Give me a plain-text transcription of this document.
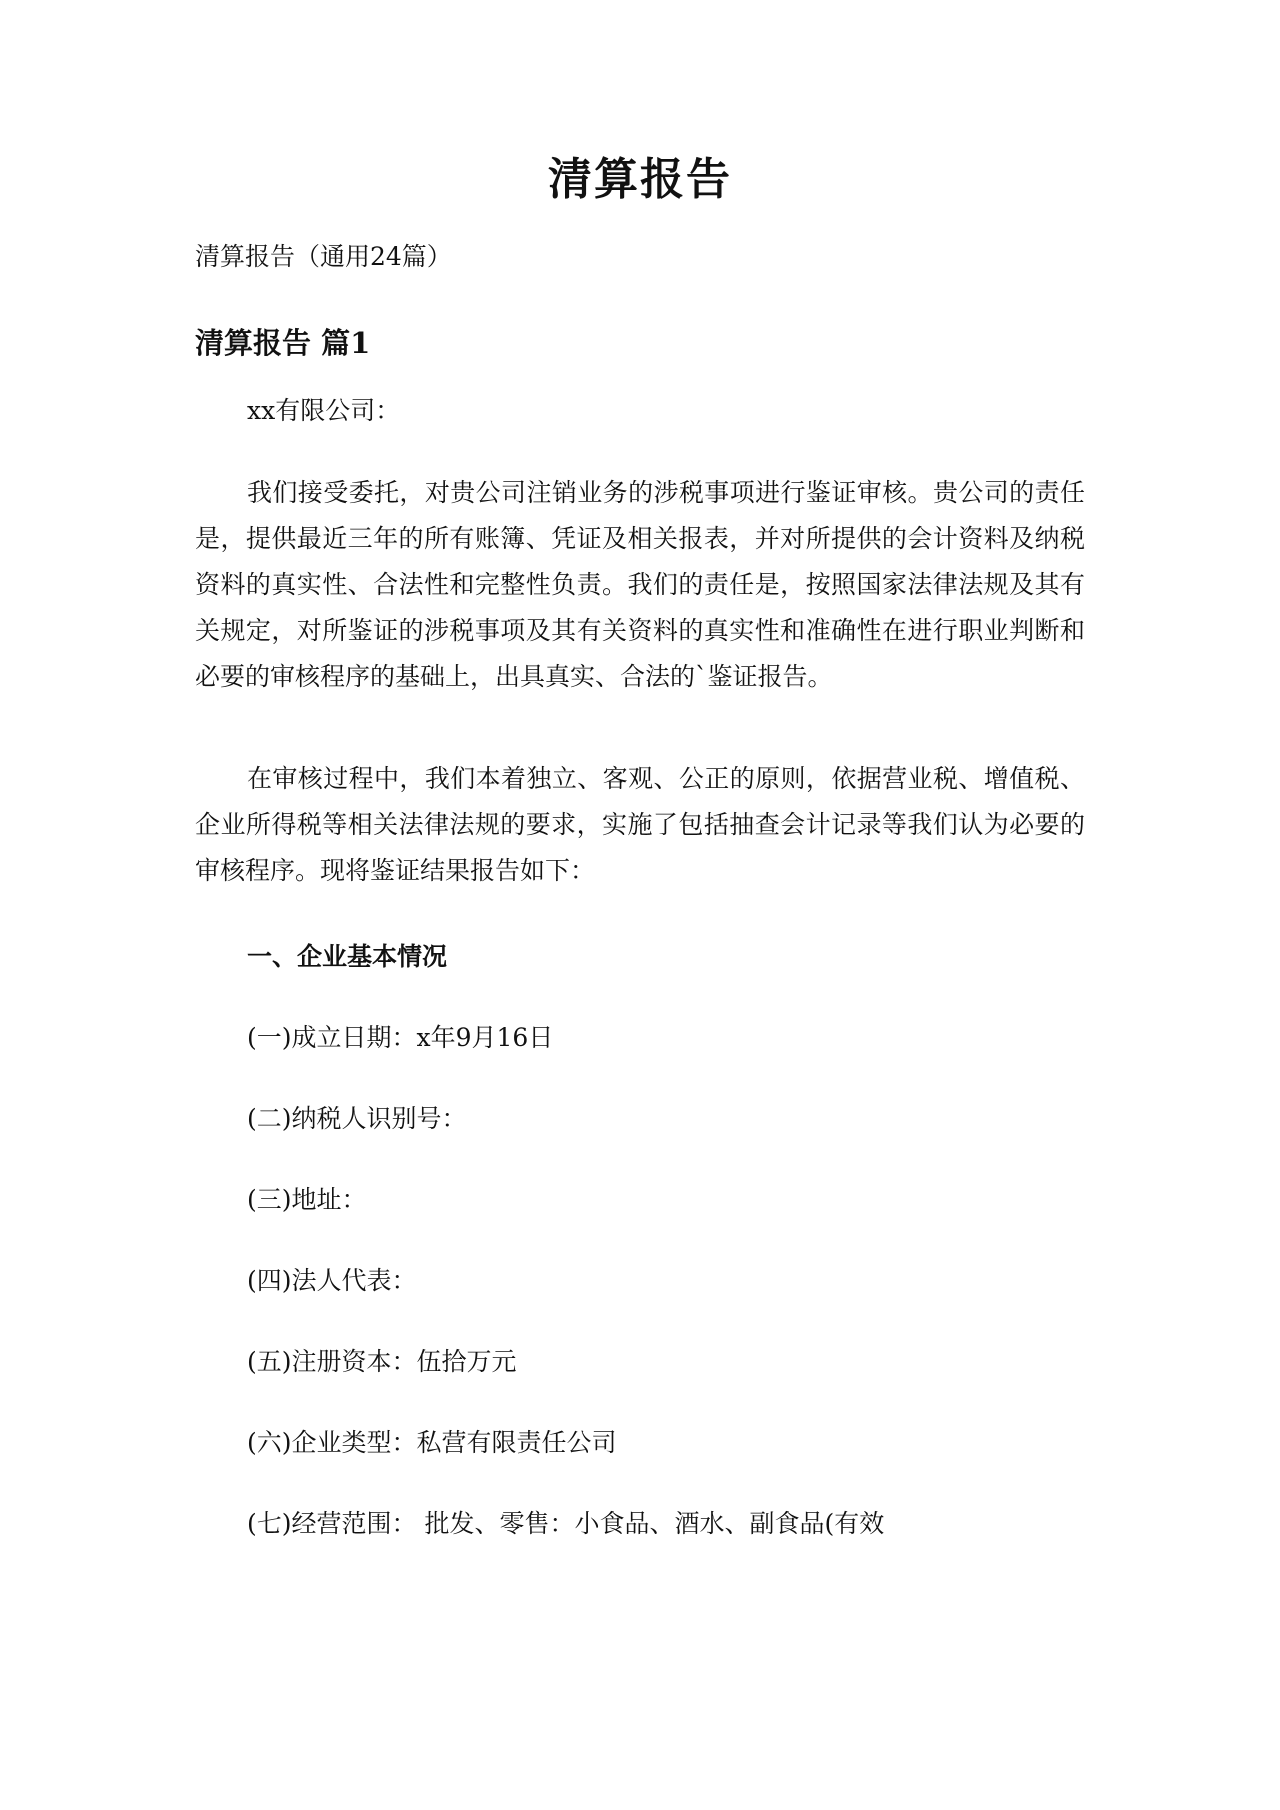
清算报告
清算报告（通用24篇）
清算报告 篇1
xx有限公司：
我们接受委托，对贵公司注销业务的涉税事项进行鉴证审核。贵公司的责任是，提供最近三年的所有账簿、凭证及相关报表，并对所提供的会计资料及纳税资料的真实性、合法性和完整性负责。我们的责任是，按照国家法律法规及其有关规定，对所鉴证的涉税事项及其有关资料的真实性和准确性在进行职业判断和必要的审核程序的基础上，出具真实、合法的`鉴证报告。
在审核过程中，我们本着独立、客观、公正的原则，依据营业税、增值税、企业所得税等相关法律法规的要求，实施了包括抽查会计记录等我们认为必要的审核程序。现将鉴证结果报告如下：
一、企业基本情况
(一)成立日期：x年9月16日
(二)纳税人识别号：
(三)地址：
(四)法人代表：
(五)注册资本：伍拾万元
(六)企业类型：私营有限责任公司
(七)经营范围： 批发、零售：小食品、酒水、副食品(有效
